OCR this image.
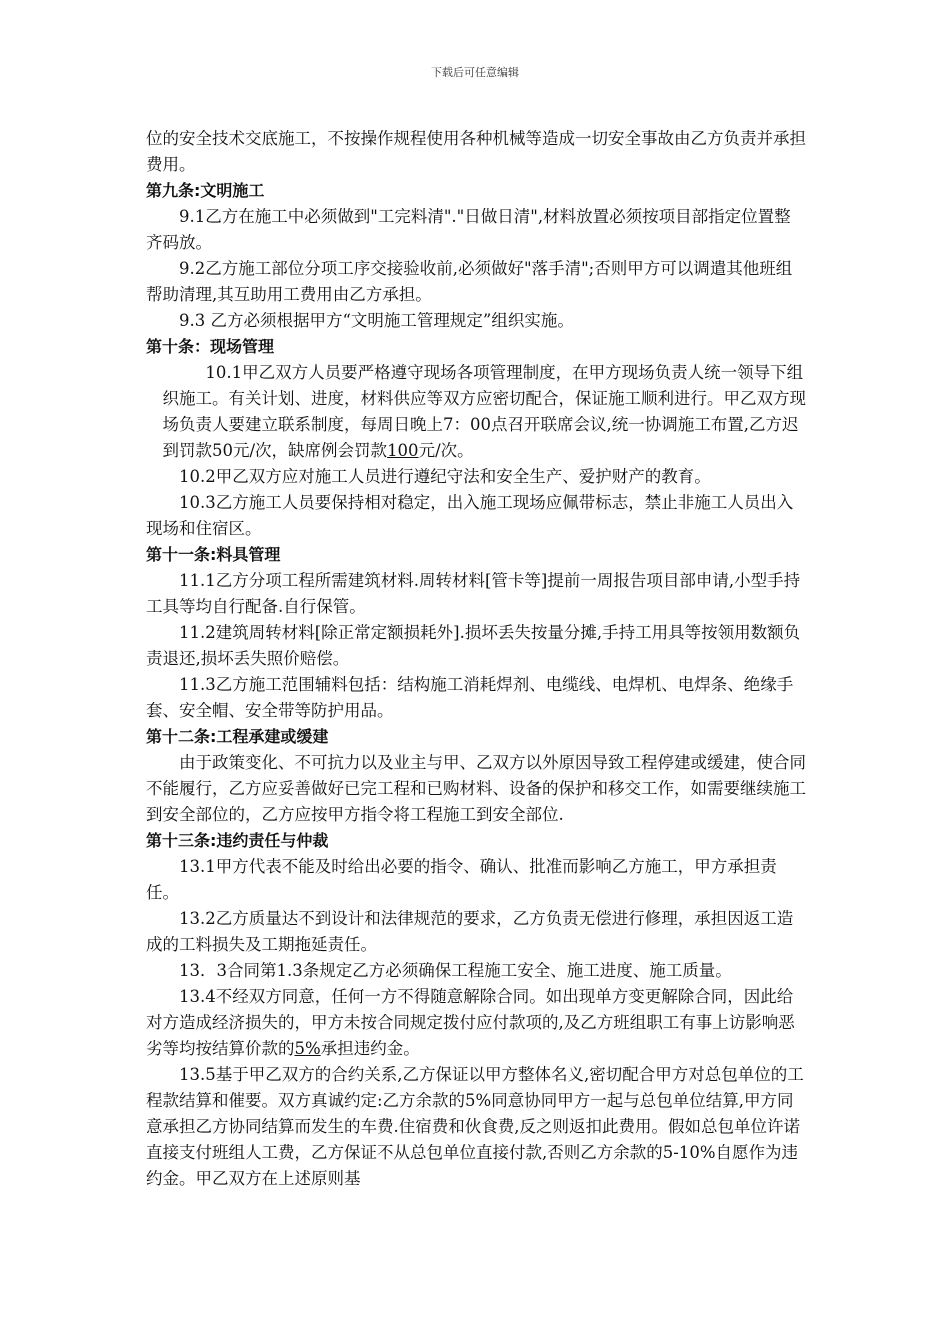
下载后可任意编辑

位的安全技术交底施工，不按操作规程使用各种机械等造成一切安全事故由乙方负责并承担费用。

第九条:文明施工

9.1乙方在施工中必须做到"工完料清"."日做日清",材料放置必须按项目部指定位置整齐码放。

9.2乙方施工部位分项工序交接验收前,必须做好"落手清";否则甲方可以调遣其他班组帮助清理,其互助用工费用由乙方承担。

9.3 乙方必须根据甲方“文明施工管理规定”组织实施。

第十条：现场管理

10.1甲乙双方人员要严格遵守现场各项管理制度，在甲方现场负责人统一领导下组织施工。有关计划、进度，材料供应等双方应密切配合，保证施工顺利进行。甲乙双方现场负责人要建立联系制度，每周日晚上7：00点召开联席会议,统一协调施工布置,乙方迟到罚款50元/次，缺席例会罚款100元/次。

10.2甲乙双方应对施工人员进行遵纪守法和安全生产、爱护财产的教育。

10.3乙方施工人员要保持相对稳定，出入施工现场应佩带标志，禁止非施工人员出入现场和住宿区。

第十一条:料具管理

11.1乙方分项工程所需建筑材料.周转材料[管卡等]提前一周报告项目部申请,小型手持工具等均自行配备.自行保管。

11.2建筑周转材料[除正常定额损耗外].损坏丢失按量分摊,手持工用具等按领用数额负责退还,损坏丢失照价赔偿。

11.3乙方施工范围辅料包括：结构施工消耗焊剂、电缆线、电焊机、电焊条、绝缘手套、安全帽、安全带等防护用品。

第十二条:工程承建或缓建

由于政策变化、不可抗力以及业主与甲、乙双方以外原因导致工程停建或缓建，使合同不能履行，乙方应妥善做好已完工程和已购材料、设备的保护和移交工作，如需要继续施工到安全部位的，乙方应按甲方指令将工程施工到安全部位.

第十三条:违约责任与仲裁

13.1甲方代表不能及时给出必要的指令、确认、批准而影响乙方施工，甲方承担责任。

13.2乙方质量达不到设计和法律规范的要求，乙方负责无偿进行修理，承担因返工造成的工料损失及工期拖延责任。

13．3合同第1.3条规定乙方必须确保工程施工安全、施工进度、施工质量。

13.4不经双方同意，任何一方不得随意解除合同。如出现单方变更解除合同，因此给对方造成经济损失的，甲方未按合同规定拨付应付款项的,及乙方班组职工有事上访影响恶劣等均按结算价款的5%承担违约金。

13.5基于甲乙双方的合约关系,乙方保证以甲方整体名义,密切配合甲方对总包单位的工程款结算和催要。双方真诚约定:乙方余款的5%同意协同甲方一起与总包单位结算,甲方同意承担乙方协同结算而发生的车费.住宿费和伙食费,反之则返扣此费用。假如总包单位许诺直接支付班组人工费，乙方保证不从总包单位直接付款,否则乙方余款的5-10%自愿作为违约金。甲乙双方在上述原则基
